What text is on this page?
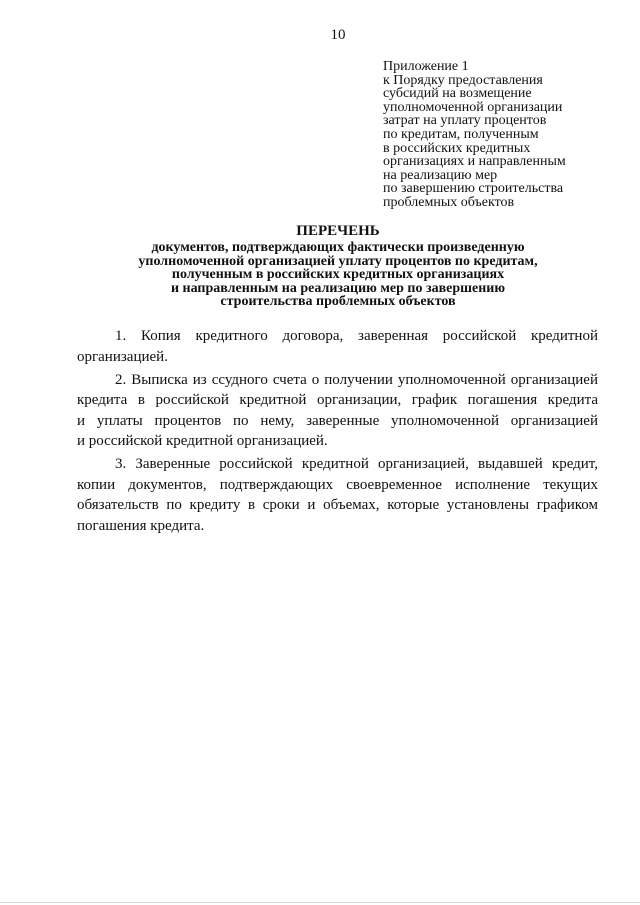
10
Приложение 1
к Порядку предоставления
субсидий на возмещение
уполномоченной организации
затрат на уплату процентов
по кредитам, полученным
в российских кредитных
организациях и направленным
на реализацию мер
по завершению строительства
проблемных объектов
ПЕРЕЧЕНЬ
документов, подтверждающих фактически произведенную
уполномоченной организацией уплату процентов по кредитам,
полученным в российских кредитных организациях
и направленным на реализацию мер по завершению
строительства проблемных объектов
1. Копия кредитного договора, заверенная российской кредитной
организацией.
2. Выписка из ссудного счета о получении уполномоченной организацией
кредита в российской кредитной организации, график погашения кредита
и уплаты процентов по нему, заверенные уполномоченной организацией
и российской кредитной организацией.
3. Заверенные российской кредитной организацией, выдавшей кредит,
копии документов, подтверждающих своевременное исполнение текущих
обязательств по кредиту в сроки и объемах, которые установлены графиком
погашения кредита.
